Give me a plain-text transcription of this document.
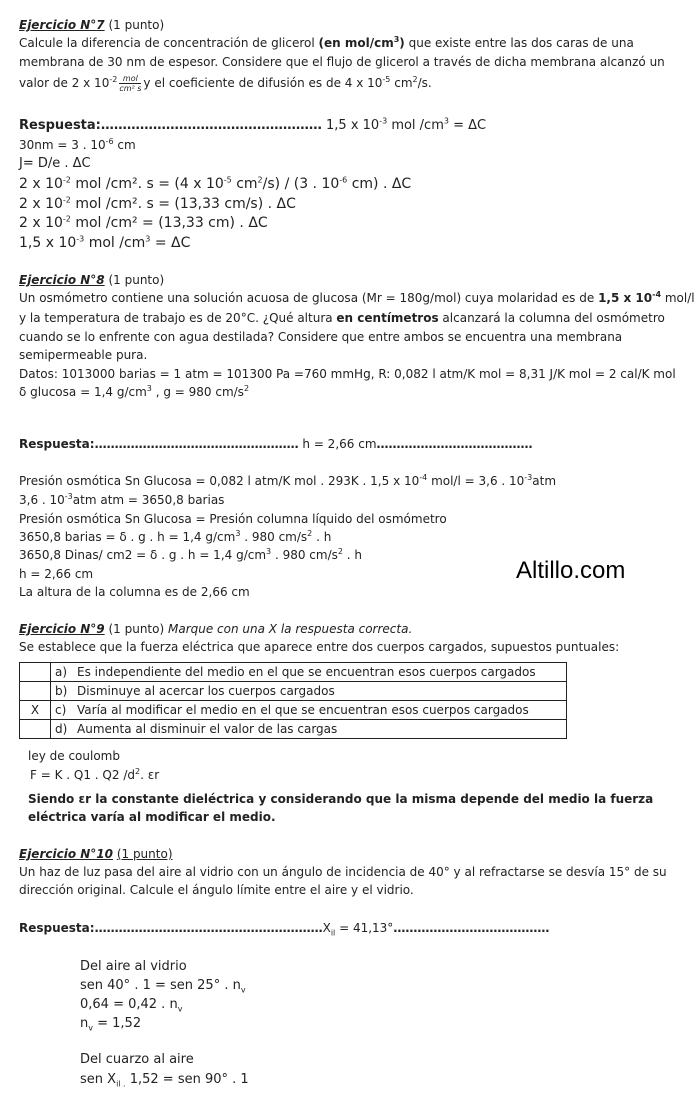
Ejercicio N°7 (1 punto)
Calcule la diferencia de concentración de glicerol (en mol/$cm^3$) que existe entre las dos caras de una
membrana de 30 nm de espesor. Considere que el flujo de glicerol a través de dicha membrana alcanzó un
valor de 2 x $10^{-2} \frac{\text{mol}}{\text{cm² s}}$ y el coeficiente de difusión es de 4 x $10^{-5}$ $cm^2/s$.
Respuesta:…………………………………………… 1,5 x $10^{-3}$ mol $/cm^3 = \Delta C$
30nm = 3 . $10^{-6}$ cm
J= D/e . ΔC
2 x $10^{-2}$ mol /cm². s = (4 x $10^{-5}$ $cm^2/s) / (3$ . $10^{-6}$ cm) . ΔC
2 x $10^{-2}$ mol /cm². s = (13,33 cm/s) . ΔC
2 x $10^{-2}$ mol /cm² = (13,33 cm) . ΔC
1,5 x $10^{-3}$ mol $/cm^3 = \Delta C$
Ejercicio N°8 (1 punto)
Un osmómetro contiene una solución acuosa de glucosa (Mr = 180g/mol) cuya molaridad es de 1,5 x $10^{-4}$ mol/l
y la temperatura de trabajo es de 20°C. ¿Qué altura en centímetros alcanzará la columna del osmómetro
cuando se lo enfrente con agua destilada? Considere que entre ambos se encuentra una membrana
semipermeable pura.
Datos: 1013000 barias = 1 atm = 101300 Pa =760 mmHg, R: 0,082 l atm/K mol = 8,31 J/K mol = 2 cal/K mol
δ glucosa = 1,4 $g/cm^3$ , g = 980 $cm/s^2$
Respuesta:…………………………………………… h = 2,66 cm…………………………………
Presión osmótica Sn Glucosa = 0,082 l atm/K mol . 293K . 1,5 x $10^{-4}$ mol/l = 3,6 . $10^{-3}atm$
3,6 . $10^{-3}atm$ atm = 3650,8 barias
Presión osmótica Sn Glucosa = Presión columna líquido del osmómetro
3650,8 barias = δ . g . h = 1,4 $g/cm^3$ . 980 $cm/s^2$ . h
3650,8 Dinas/ cm2 = δ . g . h = 1,4 $g/cm^3$ . 980 $cm/s^2$ . h
h = 2,66 cm
La altura de la columna es de 2,66 cm
Altillo.com
Ejercicio N°9 (1 punto) Marque con una X la respuesta correcta.
Se establece que la fuerza eléctrica que aparece entre dos cuerpos cargados, supuestos puntuales:
	a)	Es independiente del medio en el que se encuentran esos cuerpos cargados
	b)	Disminuye al acercar los cuerpos cargados
X	c)	Varía al modificar el medio en el que se encuentran esos cuerpos cargados
	d)	Aumenta al disminuir el valor de las cargas
ley de coulomb
F = K . Q1 . Q2 $/d^2$. εr
Siendo εr la constante dieléctrica y considerando que la misma depende del medio la fuerza
eléctrica varía al modificar el medio.
Ejercicio N°10 (1 punto)
Un haz de luz pasa del aire al vidrio con un ángulo de incidencia de 40° y al refractarse se desvía 15° de su
dirección original. Calcule el ángulo límite entre el aire y el vidrio.
$Respuesta:\dots\dots\dots\dots\dots\dots\dots\dots\dots\dots\dots\dots\dots\dots\dots\dots\dots\dots\dots X_{il}$ = 41,13°…………………………………
Del aire al vidrio
sen 40° . 1 = sen 25° . $n_v$
0,64 = 0,42 . $n_v$
$n_v = 1,52$
Del cuarzo al aire
sen $X_{il .}$ 1,52 = sen 90° . 1
